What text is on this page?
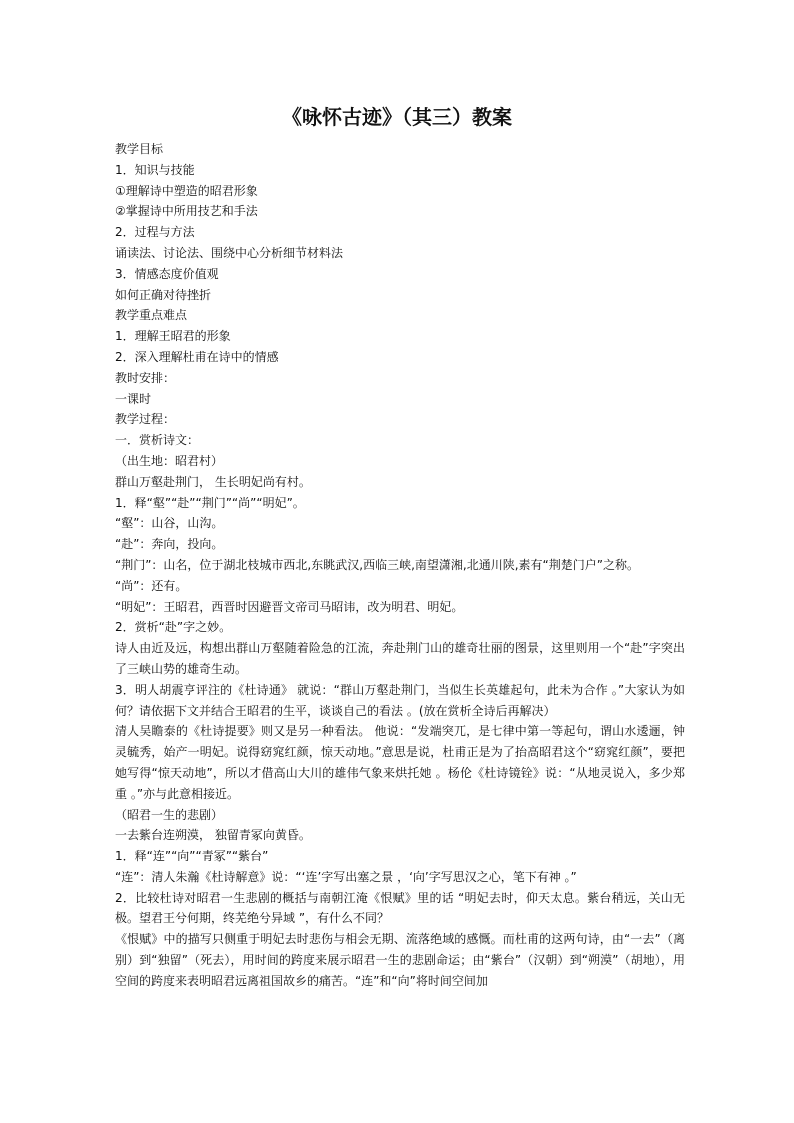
《咏怀古迹》（其三）教案

教学目标

1．知识与技能

①理解诗中塑造的昭君形象

②掌握诗中所用技艺和手法

2．过程与方法

诵读法、讨论法、围绕中心分析细节材料法

3．情感态度价值观

如何正确对待挫折

教学重点难点

1．理解王昭君的形象

2．深入理解杜甫在诗中的情感

教时安排：

一课时

教学过程：

一．赏析诗文：

（出生地：昭君村）

群山万壑赴荆门， 生长明妃尚有村。

1．释“壑”“赴”“荆门”“尚”“明妃”。

“壑”：山谷，山沟。

“赴”：奔向，投向。

“荆门”：山名，位于湖北枝城市西北,东眺武汉,西临三峡,南望潇湘,北通川陕,素有“荆楚门户”之称。

“尚”：还有。

“明妃”：王昭君，西晋时因避晋文帝司马昭讳，改为明君、明妃。

2．赏析“赴”字之妙。

诗人由近及远，构想出群山万壑随着险急的江流，奔赴荆门山的雄奇壮丽的图景，这里则用一个“赴”字突出了三峡山势的雄奇生动。

3．明人胡震亨评注的《杜诗通》 就说：“群山万壑赴荆门，当似生长英雄起句，此未为合作 。”大家认为如何？请依据下文并结合王昭君的生平，谈谈自己的看法 。(放在赏析全诗后再解决）

清人吴瞻泰的《杜诗提要》则又是另一种看法。 他说：“发端突兀，是七律中第一等起句，谓山水逶逦，钟灵毓秀，始产一明妃。说得窈窕红颜，惊天动地。”意思是说，杜甫正是为了抬高昭君这个“窈窕红颜”，要把她写得“惊天动地”，所以才借高山大川的雄伟气象来烘托她 。杨伦《杜诗镜铨》说：“从地灵说入，多少郑重 。”亦与此意相接近。

（昭君一生的悲剧）

一去紫台连朔漠， 独留青冢向黄昏。

1．释“连”“向”“青冢”“紫台”

“连”：清人朱瀚《杜诗解意》说：“‘连’字写出塞之景 ，‘向’字写思汉之心，笔下有神 。”

2．比较杜诗对昭君一生悲剧的概括与南朝江淹《恨赋》里的话 “明妃去时，仰天太息。紫台稍远，关山无极。望君王兮何期，终芜绝兮异域 ”，有什么不同？

《恨赋》中的描写只侧重于明妃去时悲伤与相会无期、流落绝域的感慨。而杜甫的这两句诗，由“一去”（离别）到“独留”（死去），用时间的跨度来展示昭君一生的悲剧命运；由“紫台”（汉朝）到“朔漠”（胡地），用空间的跨度来表明昭君远离祖国故乡的痛苦。“连”和“向”将时间空间加
